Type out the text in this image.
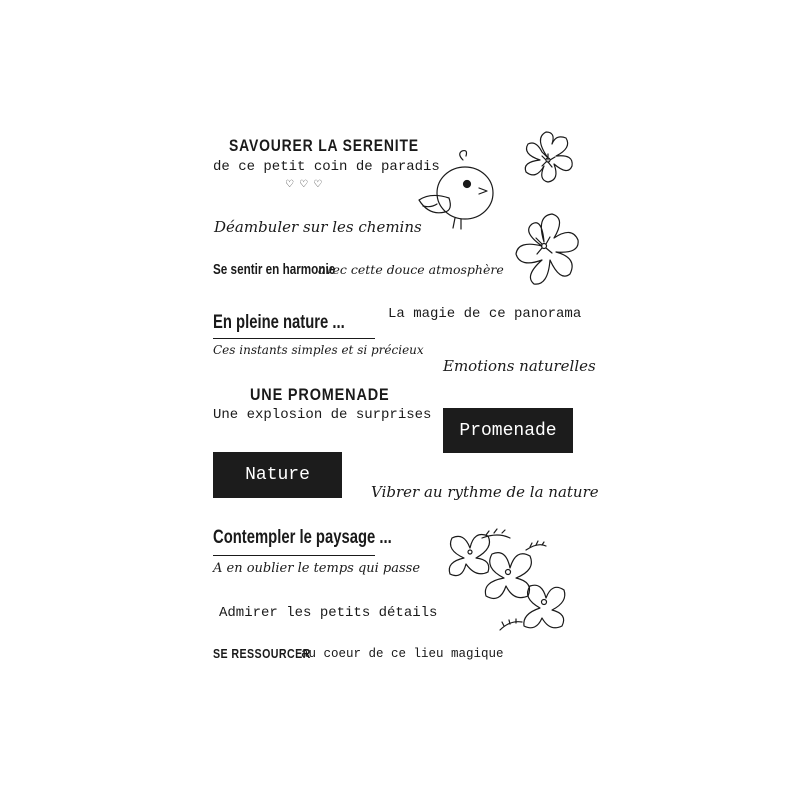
SAVOURER LA SERENITE
de ce petit coin de paradis
♡ ♡ ♡
Déambuler sur les chemins
Se sentir en harmonie
avec cette douce atmosphère
En pleine nature ...
Ces instants simples et si précieux
La magie de ce panorama
Emotions naturelles
UNE PROMENADE
Une explosion de surprises
Promenade
Nature
Vibrer au rythme de la nature
Contempler le paysage ...
A en oublier le temps qui passe
Admirer les petits détails
SE RESSOURCER
au coeur de ce lieu magique
